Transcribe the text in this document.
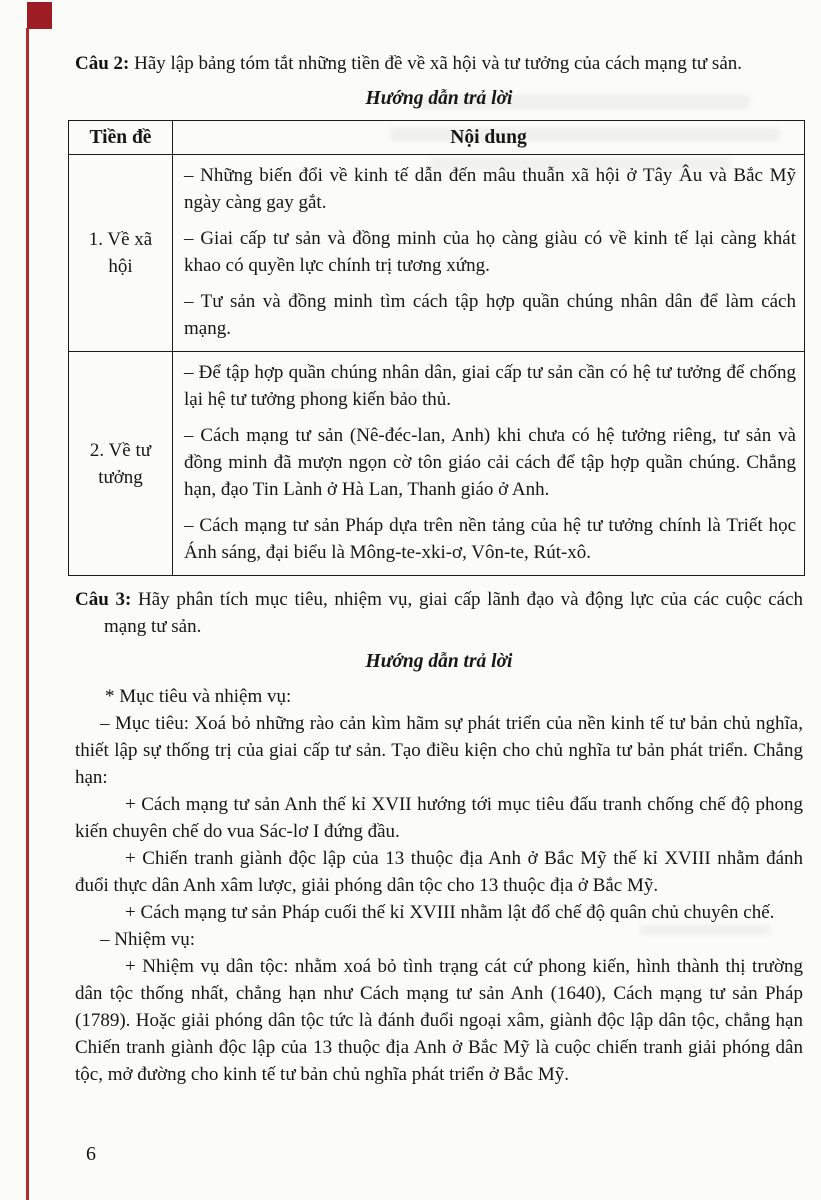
Câu 2: Hãy lập bảng tóm tắt những tiền đề về xã hội và tư tưởng của cách mạng tư sản.

Hướng dẫn trả lời
Tiền đề	Nội dung
1. Về xã hội	– Những biến đổi về kinh tế dẫn đến mâu thuẫn xã hội ở Tây Âu và Bắc Mỹ ngày càng gay gắt.

– Giai cấp tư sản và đồng minh của họ càng giàu có về kinh tế lại càng khát khao có quyền lực chính trị tương xứng.

– Tư sản và đồng minh tìm cách tập hợp quần chúng nhân dân để làm cách mạng.

2. Về tư tưởng	– Để tập hợp quần chúng nhân dân, giai cấp tư sản cần có hệ tư tưởng để chống lại hệ tư tưởng phong kiến bảo thủ.

– Cách mạng tư sản (Nê-đéc-lan, Anh) khi chưa có hệ tưởng riêng, tư sản và đồng minh đã mượn ngọn cờ tôn giáo cải cách để tập hợp quần chúng. Chẳng hạn, đạo Tin Lành ở Hà Lan, Thanh giáo ở Anh.

– Cách mạng tư sản Pháp dựa trên nền tảng của hệ tư tưởng chính là Triết học Ánh sáng, đại biểu là Mông-te-xki-ơ, Vôn-te, Rút-xô.

Câu 3: Hãy phân tích mục tiêu, nhiệm vụ, giai cấp lãnh đạo và động lực của các cuộc cách mạng tư sản.

Hướng dẫn trả lời

* Mục tiêu và nhiệm vụ:

– Mục tiêu: Xoá bỏ những rào cản kìm hãm sự phát triển của nền kinh tế tư bản chủ nghĩa, thiết lập sự thống trị của giai cấp tư sản. Tạo điều kiện cho chủ nghĩa tư bản phát triển. Chẳng hạn:

+ Cách mạng tư sản Anh thế kỉ XVII hướng tới mục tiêu đấu tranh chống chế độ phong kiến chuyên chế do vua Sác-lơ I đứng đầu.

+ Chiến tranh giành độc lập của 13 thuộc địa Anh ở Bắc Mỹ thế kỉ XVIII nhằm đánh đuổi thực dân Anh xâm lược, giải phóng dân tộc cho 13 thuộc địa ở Bắc Mỹ.

+ Cách mạng tư sản Pháp cuối thế kỉ XVIII nhằm lật đổ chế độ quân chủ chuyên chế.

– Nhiệm vụ:

+ Nhiệm vụ dân tộc: nhằm xoá bỏ tình trạng cát cứ phong kiến, hình thành thị trường dân tộc thống nhất, chẳng hạn như Cách mạng tư sản Anh (1640), Cách mạng tư sản Pháp (1789). Hoặc giải phóng dân tộc tức là đánh đuổi ngoại xâm, giành độc lập dân tộc, chẳng hạn Chiến tranh giành độc lập của 13 thuộc địa Anh ở Bắc Mỹ là cuộc chiến tranh giải phóng dân tộc, mở đường cho kinh tế tư bản chủ nghĩa phát triển ở Bắc Mỹ.

6
